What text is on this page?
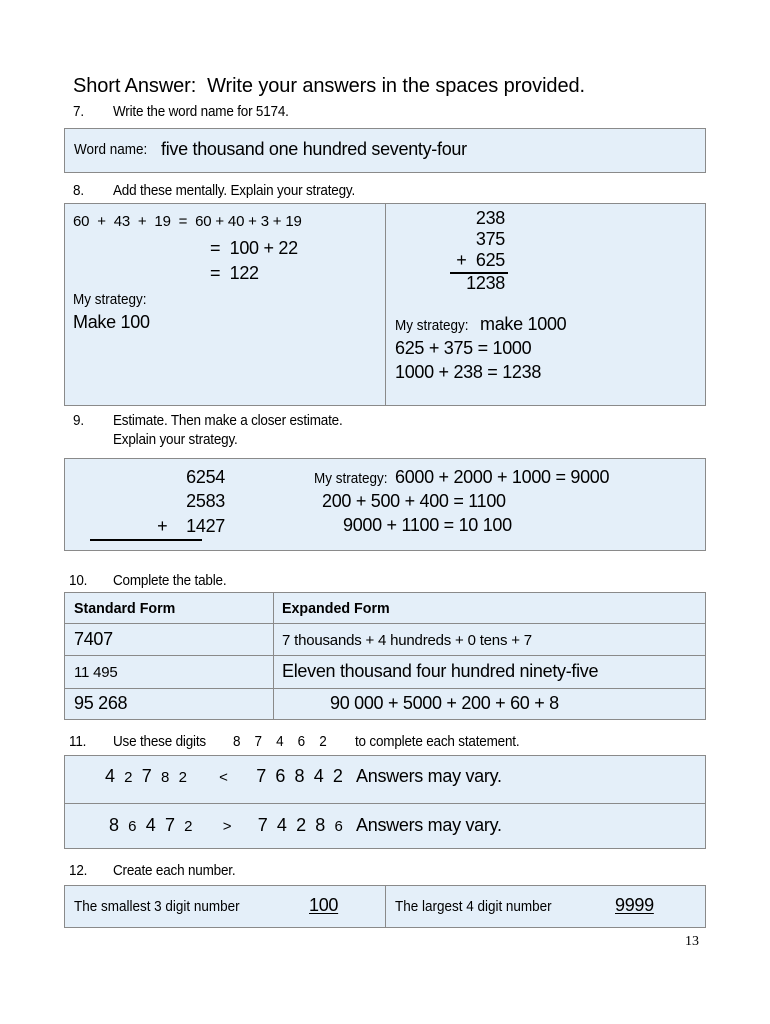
Short Answer:  Write your answers in the spaces provided.
7. Write the word name for 5174.
Word name: five thousand one hundred seventy-four
8. Add these mentally. Explain your strategy.
60  +  43  +  19  =  60 + 40 + 3 + 19
=  100 + 22
=  122
My strategy:
Make 100
238
375
+  625
1238
My strategy: make 1000
625 + 375 = 1000
1000 + 238 = 1238
9. Estimate. Then make a closer estimate.
Explain your strategy.
6254
2583
+    1427
My strategy: 6000 + 2000 + 1000 = 9000
200 + 500 + 400 = 1100
9000 + 1100 = 10 100
10. Complete the table.
Standard Form	Expanded Form
7407	7 thousands + 4 hundreds + 0 tens + 7
11 495	Eleven thousand four hundred ninety-five
95 268	90 000 + 5000 + 200 + 60 + 8
11. Use these digits 8    7    4    6    2 to complete each statement.
4 2 7 8 2 < 7 6 8 4 2 Answers may vary.
8 6 4 7 2 > 7 4 2 8 6 Answers may vary.
12. Create each number.
The smallest 3 digit number	100	The largest 4 digit number	9999
13
